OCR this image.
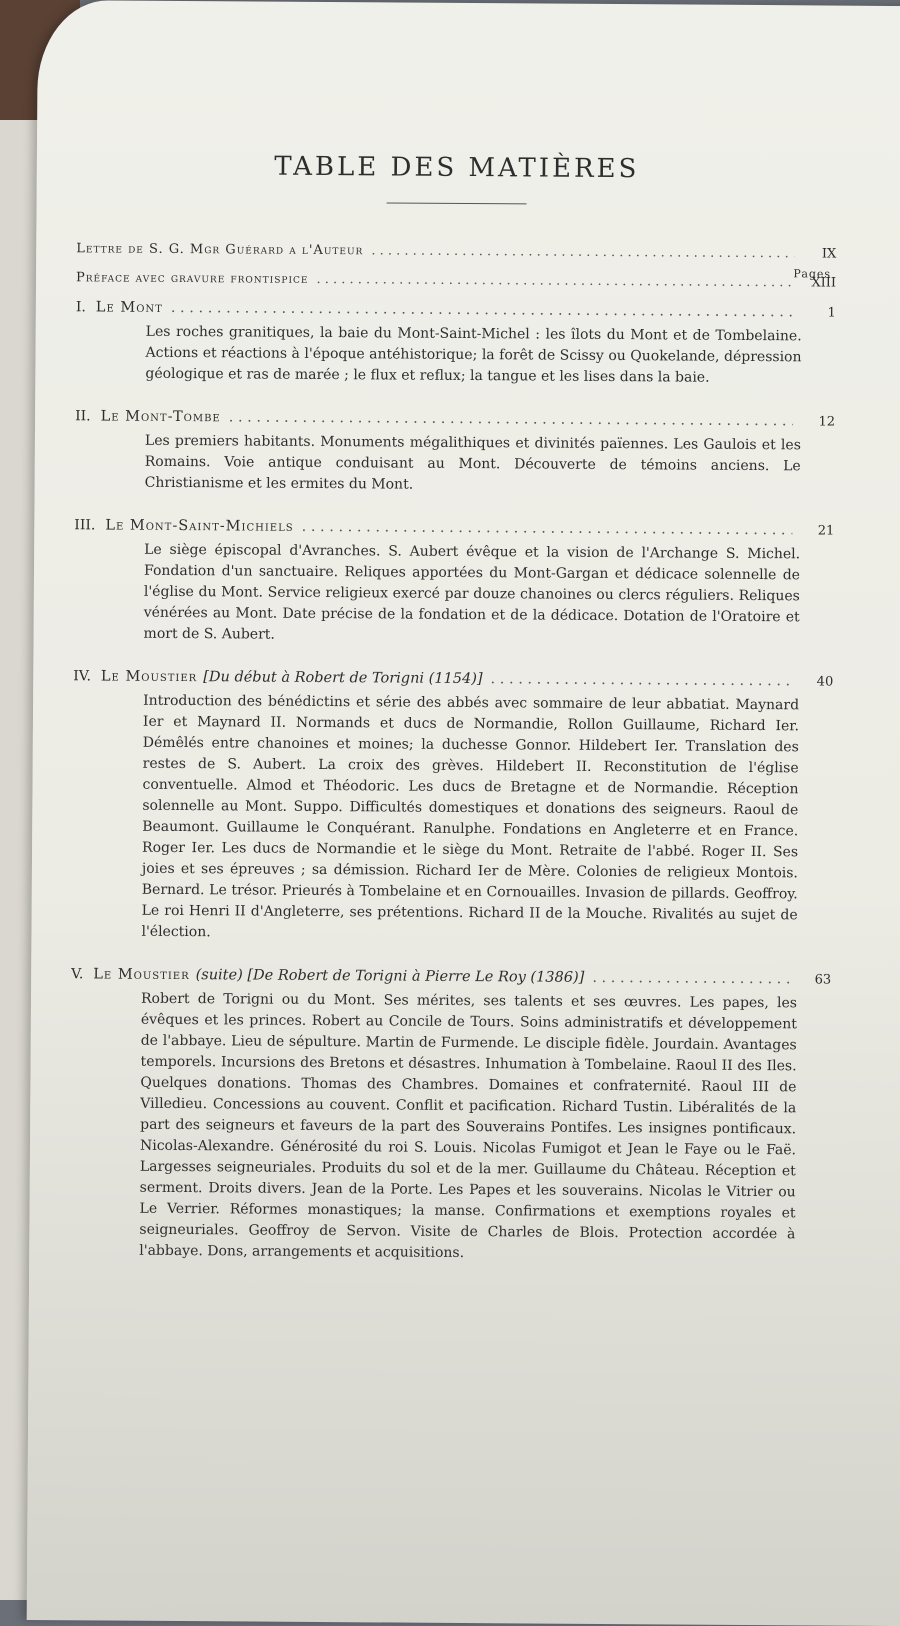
TABLE DES MATIÈRES
Pages
Lettre de S. G. Mgr Guérard a l'Auteur . . .	IX
Préface avec gravure frontispice . . .	XIII
I. Le Mont . . .	1

Les roches granitiques, la baie du Mont-Saint-Michel : les îlots du Mont et de Tombelaine. Actions et réactions à l'époque antéhistorique; la forêt de Scissy ou Quokelande, dépression géologique et ras de marée ; le flux et reflux; la tangue et les lises dans la baie.

II. Le Mont-Tombe . . .	12

Les premiers habitants. Monuments mégalithiques et divinités païennes. Les Gaulois et les Romains. Voie antique conduisant au Mont. Découverte de témoins anciens. Le Christianisme et les ermites du Mont.

III. Le Mont-Saint-Michiels . . .	21

Le siège épiscopal d'Avranches. S. Aubert évêque et la vision de l'Archange S. Michel. Fondation d'un sanctuaire. Reliques apportées du Mont-Gargan et dédicace solennelle de l'église du Mont. Service religieux exercé par douze chanoines ou clercs réguliers. Reliques vénérées au Mont. Date précise de la fondation et de la dédicace. Dotation de l'Oratoire et mort de S. Aubert.

IV. Le Moustier [Du début à Robert de Torigni (1154)] . . .	40

Introduction des bénédictins et série des abbés avec sommaire de leur abbatiat. Maynard Ier et Maynard II. Normands et ducs de Normandie, Rollon Guillaume, Richard Ier. Démêlés entre chanoines et moines; la duchesse Gonnor. Hildebert Ier. Translation des restes de S. Aubert. La croix des grèves. Hildebert II. Reconstitution de l'église conventuelle. Almod et Théodoric. Les ducs de Bretagne et de Normandie. Réception solennelle au Mont. Suppo. Difficultés domestiques et donations des seigneurs. Raoul de Beaumont. Guillaume le Conquérant. Ranulphe. Fondations en Angleterre et en France. Roger Ier. Les ducs de Normandie et le siège du Mont. Retraite de l'abbé. Roger II. Ses joies et ses épreuves ; sa démission. Richard Ier de Mère. Colonies de religieux Montois. Bernard. Le trésor. Prieurés à Tombelaine et en Cornouailles. Invasion de pillards. Geoffroy. Le roi Henri II d'Angleterre, ses prétentions. Richard II de la Mouche. Rivalités au sujet de l'élection.

V. Le Moustier (suite) [De Robert de Torigni à Pierre Le Roy (1386)] . . .	63

Robert de Torigni ou du Mont. Ses mérites, ses talents et ses œuvres. Les papes, les évêques et les princes. Robert au Concile de Tours. Soins administratifs et développement de l'abbaye. Lieu de sépulture. Martin de Furmende. Le disciple fidèle. Jourdain. Avantages temporels. Incursions des Bretons et désastres. Inhumation à Tombelaine. Raoul II des Iles. Quelques donations. Thomas des Chambres. Domaines et confraternité. Raoul III de Villedieu. Concessions au couvent. Conflit et pacification. Richard Tustin. Libéralités de la part des seigneurs et faveurs de la part des Souverains Pontifes. Les insignes pontificaux. Nicolas-Alexandre. Générosité du roi S. Louis. Nicolas Fumigot et Jean le Faye ou le Faë. Largesses seigneuriales. Produits du sol et de la mer. Guillaume du Château. Réception et serment. Droits divers. Jean de la Porte. Les Papes et les souverains. Nicolas le Vitrier ou Le Verrier. Réformes monastiques; la manse. Confirmations et exemptions royales et seigneuriales. Geoffroy de Servon. Visite de Charles de Blois. Protection accordée à l'abbaye. Dons, arrangements et acquisitions.
